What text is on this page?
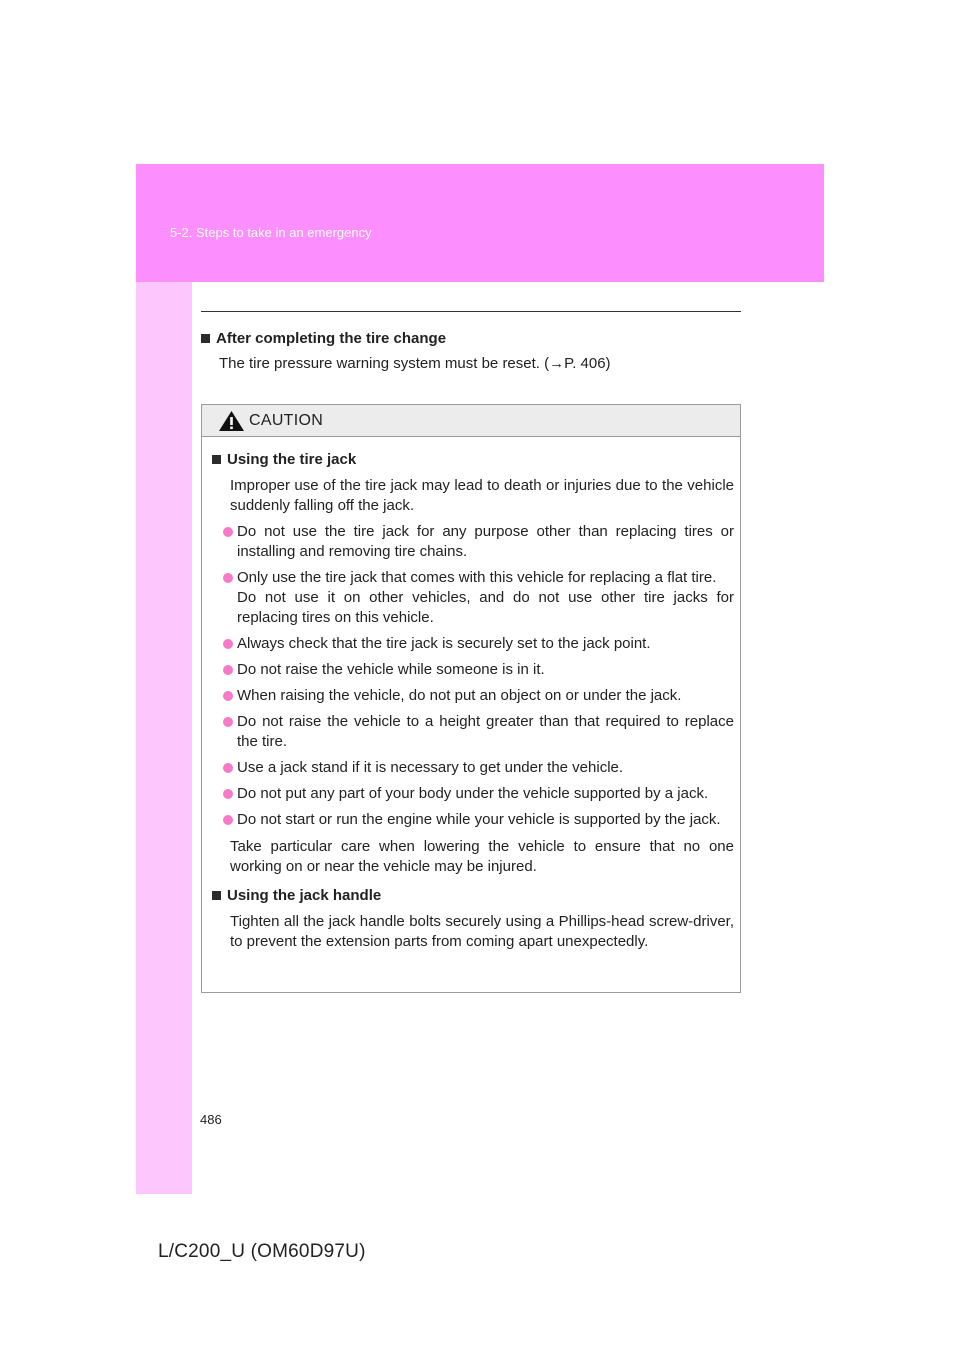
5-2. Steps to take in an emergency
After completing the tire change
The tire pressure warning system must be reset. (→P. 406)
CAUTION
Using the tire jack
Improper use of the tire jack may lead to death or injuries due to the vehicle suddenly falling off the jack.
Do not use the tire jack for any purpose other than replacing tires or installing and removing tire chains.
Only use the tire jack that comes with this vehicle for replacing a flat tire.
Do not use it on other vehicles, and do not use other tire jacks for replacing tires on this vehicle.
Always check that the tire jack is securely set to the jack point.
Do not raise the vehicle while someone is in it.
When raising the vehicle, do not put an object on or under the jack.
Do not raise the vehicle to a height greater than that required to replace the tire.
Use a jack stand if it is necessary to get under the vehicle.
Do not put any part of your body under the vehicle supported by a jack.
Do not start or run the engine while your vehicle is supported by the jack.
Take particular care when lowering the vehicle to ensure that no one working on or near the vehicle may be injured.
Using the jack handle
Tighten all the jack handle bolts securely using a Phillips-head screw-driver, to prevent the extension parts from coming apart unexpectedly.
486
L/C200_U (OM60D97U)
